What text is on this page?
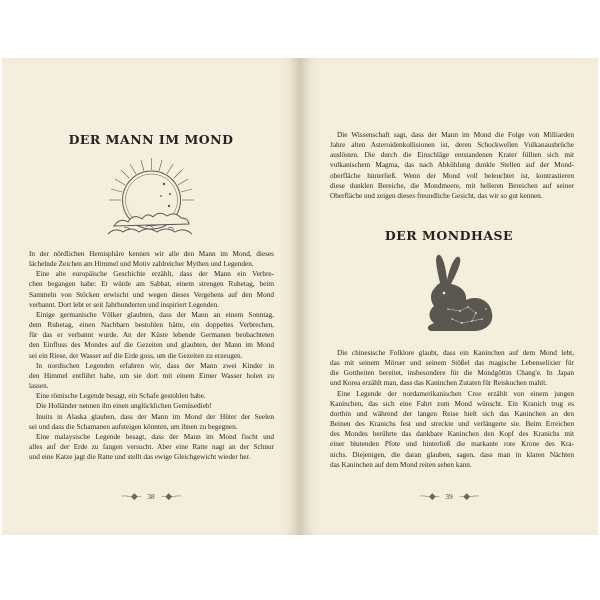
DER MANN IM MOND
In der nördlichen Hemisphäre kennen wir alle den Mann im Mond, dieses
lächelnde Zeichen am Himmel und Motiv zahlreicher Mythen und Legenden.
Eine alte europäische Geschichte erzählt, dass der Mann ein Verbre-
chen begangen habe: Er würde am Sabbat, einem strengen Ruhetag, beim
Sammeln von Stöcken erwischt und wegen dieses Vergehens auf den Mond
verbannt. Dort lebt er seit Jahrhunderten und inspiriert Legenden.
Einige germanische Völker glaubten, dass der Mann an einem Sonntag,
dem Ruhetag, einen Nachbarn bestohlen hätte, ein doppeltes Verbrechen,
für das er verbannt wurde. An der Küste lebende Germanen beobachteten
den Einfluss des Mondes auf die Gezeiten und glaubten, der Mann im Mond
sei ein Riese, der Wasser auf die Erde goss, um die Gezeiten zu erzeugen.
In nordischen Legenden erfahren wir, dass der Mann zwei Kinder in
den Himmel entführt habe, um sie dort mit einem Eimer Wasser holen zu
lassen.
Eine römische Legende besagt, ein Schafe gestohlen habe.
Die Holländer nennen ihn einen unglücklichen Gemüsedieb!
Inuits in Alaska glauben, dass der Mann im Mond der Hüter der Seelen
sei und dass die Schamanen aufsteigen könnten, um ihnen zu begegnen.
Eine malaysische Legende besagt, dass der Mann im Mond fischt und
alles auf der Erde zu fangen versucht. Aber eine Ratte nagt an der Schnur
und eine Katze jagt die Ratte und stellt das ewige Gleichgewicht wieder her.
···–◆– 38 –◆–···
Die Wissenschaft sagt, dass der Mann im Mond die Folge von Milliarden
Jahre alten Asteroidenkollisionen ist, deren Schockwellen Vulkanausbrüche
auslösten. Die durch die Einschläge entstandenen Krater füllten sich mit
vulkanischem Magma, das nach Abkühlung dunkle Stellen auf der Mond-
oberfläche hinterließ. Wenn der Mond voll beleuchtet ist, kontrastieren
diese dunklen Bereiche, die Mondmeere, mit helleren Bereichen auf seiner
Oberfläche und zeigen dieses freundliche Gesicht, das wir so gut kennen.
DER MONDHASE
Die chinesische Folklore glaubt, dass ein Kaninchen auf dem Mond lebt,
das mit seinem Mörser und seinem Stößel das magische Lebenselixier für
die Gottheiten bereitet, insbesondere für die Mondgöttin Chang'e. In Japan
und Korea erzählt man, dass das Kaninchen Zutaten für Reiskuchen mahlt.
Eine Legende der nordamerikanischen Cree erzählt von einem jungen
Kaninchen, das sich eine Fahrt zum Mond wünscht. Ein Kranich trug es
dorthin und während der langen Reise hielt sich das Kaninchen an den
Beinen des Kranichs fest und streckte und verlängerte sie. Beim Erreichen
des Mondes berührte das dankbare Kaninchen den Kopf des Kranichs mit
einer blutenden Pfote und hinterließ die markante rote Krone des Kra-
nichs. Diejenigen, die daran glauben, sagen, dass man in klaren Nächten
das Kaninchen auf dem Mond reiten sehen kann.
···–◆– 39 –◆–···
